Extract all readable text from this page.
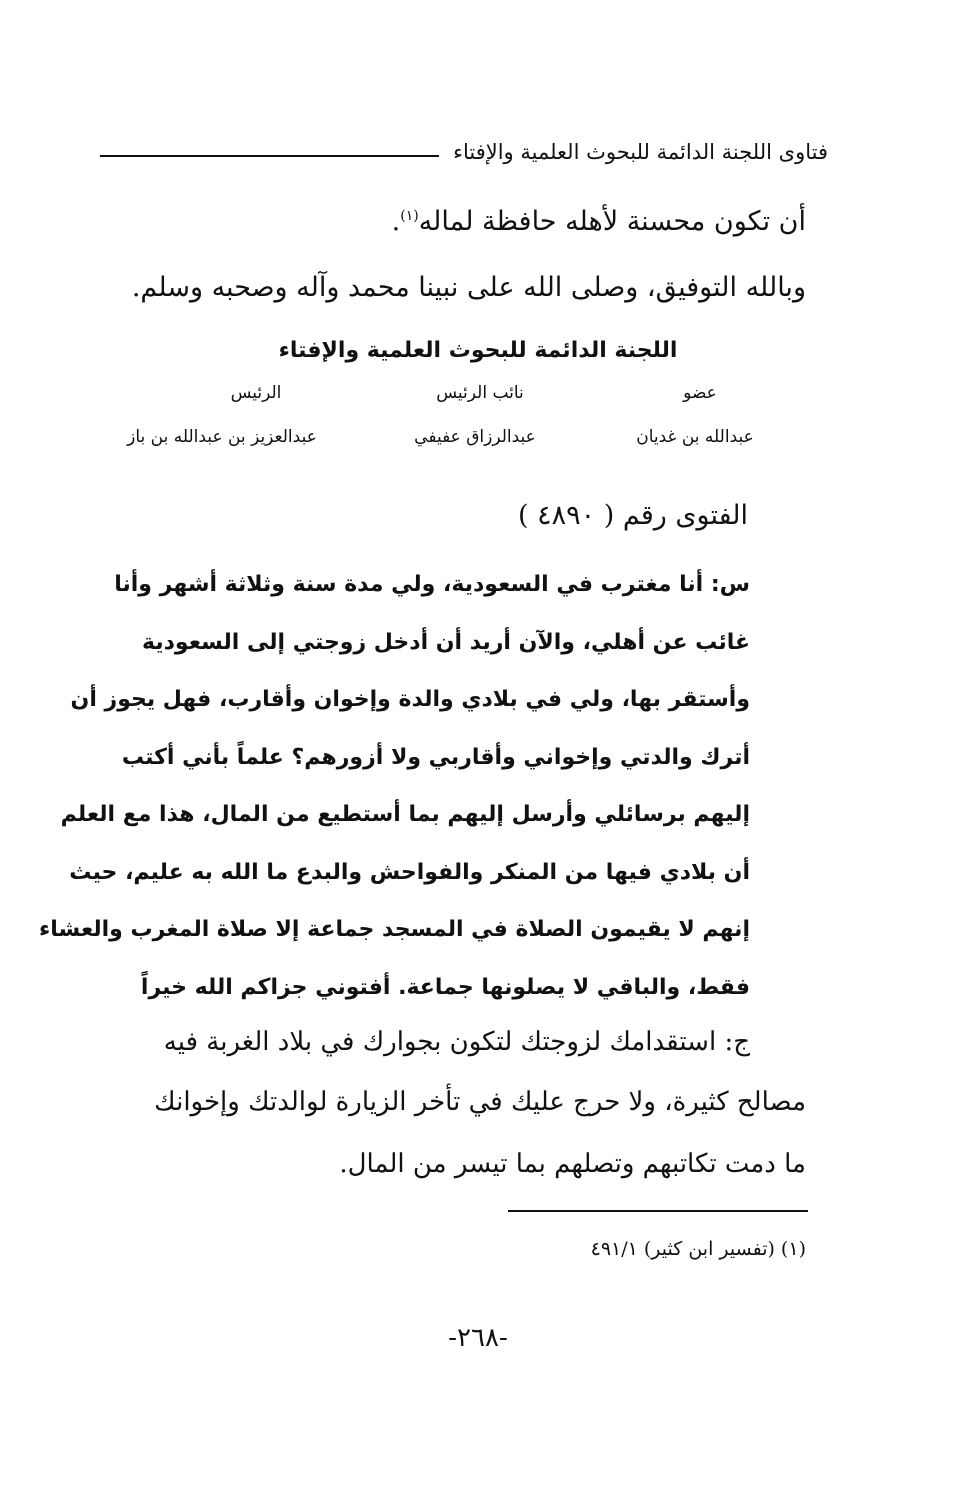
فتاوى اللجنة الدائمة للبحوث العلمية والإفتاء
أن تكون محسنة لأهله حافظة لماله$^{(١)}$.
وبالله التوفيق، وصلى الله على نبينا محمد وآله وصحبه وسلم.
اللجنة الدائمة للبحوث العلمية والإفتاء
عضو
عبدالله بن غديان
نائب الرئيس
عبدالرزاق عفيفي
الرئيس
عبدالعزيز بن عبدالله بن باز
الفتوى رقم ( ٤٨٩٠ )
س: أنا مغترب في السعودية، ولي مدة سنة وثلاثة أشهر وأنا
غائب عن أهلي، والآن أريد أن أدخل زوجتي إلى السعودية
وأستقر بها، ولي في بلادي والدة وإخوان وأقارب، فهل يجوز أن
أترك والدتي وإخواني وأقاربي ولا أزورهم؟ علماً بأني أكتب
إليهم برسائلي وأرسل إليهم بما أستطيع من المال، هذا مع العلم
أن بلادي فيها من المنكر والفواحش والبدع ما الله به عليم، حيث
إنهم لا يقيمون الصلاة في المسجد جماعة إلا صلاة المغرب والعشاء
فقط، والباقي لا يصلونها جماعة. أفتوني جزاكم الله خيراً
ج: استقدامك لزوجتك لتكون بجوارك في بلاد الغربة فيه
مصالح كثيرة، ولا حرج عليك في تأخر الزيارة لوالدتك وإخوانك
ما دمت تكاتبهم وتصلهم بما تيسر من المال.
(١) (تفسير ابن كثير) ٤٩١/١
-٢٦٨-
